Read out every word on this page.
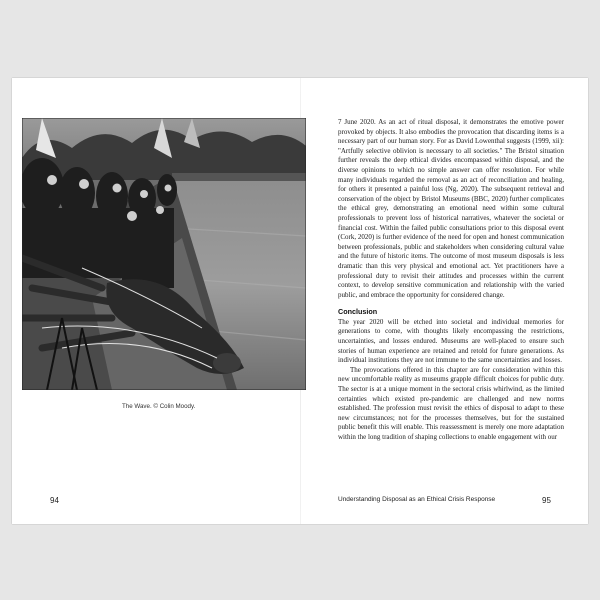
The Wave. © Colin Moody.
94

7 June 2020. As an act of ritual disposal, it demonstrates the emotive power provoked by objects. It also embodies the provocation that discarding items is a necessary part of our human story. For as David Lowenthal suggests (1999, xii): "Artfully selective oblivion is necessary to all societies." The Bristol situation further reveals the deep ethical divides encompassed within disposal, and the diverse opinions to which no simple answer can offer resolution. For while many individuals regarded the removal as an act of reconciliation and healing, for others it presented a painful loss (Ng, 2020). The subsequent retrieval and conservation of the object by Bristol Museums (BBC, 2020) further complicates the ethical grey, demonstrating an emotional need within some cultural professionals to prevent loss of historical narratives, whatever the societal or financial cost. Within the failed public consultations prior to this disposal event (Cork, 2020) is further evidence of the need for open and honest communication between professionals, public and stakeholders when considering cultural value and the future of historic items. The outcome of most museum disposals is less dramatic than this very physical and emotional act. Yet practitioners have a professional duty to revisit their attitudes and processes within the current context, to develop sensitive communication and relationship with the varied public, and embrace the opportunity for considered change.

Conclusion

The year 2020 will be etched into societal and individual memories for generations to come, with thoughts likely encompassing the restrictions, uncertainties, and losses endured. Museums are well-placed to ensure such stories of human experience are retained and retold for future generations. As individual institutions they are not immune to the same uncertainties and losses.

The provocations offered in this chapter are for consideration within this new uncomfortable reality as museums grapple difficult choices for public duty. The sector is at a unique moment in the sectoral crisis whirlwind, as the limited certainties which existed pre-pandemic are challenged and new norms established. The profession must revisit the ethics of disposal to adapt to these new circumstances; not for the processes themselves, but for the sustained public benefit this will enable. This reassessment is merely one more adaptation within the long tradition of shaping collections to enable engagement with our

Understanding Disposal as an Ethical Crisis Response	95
